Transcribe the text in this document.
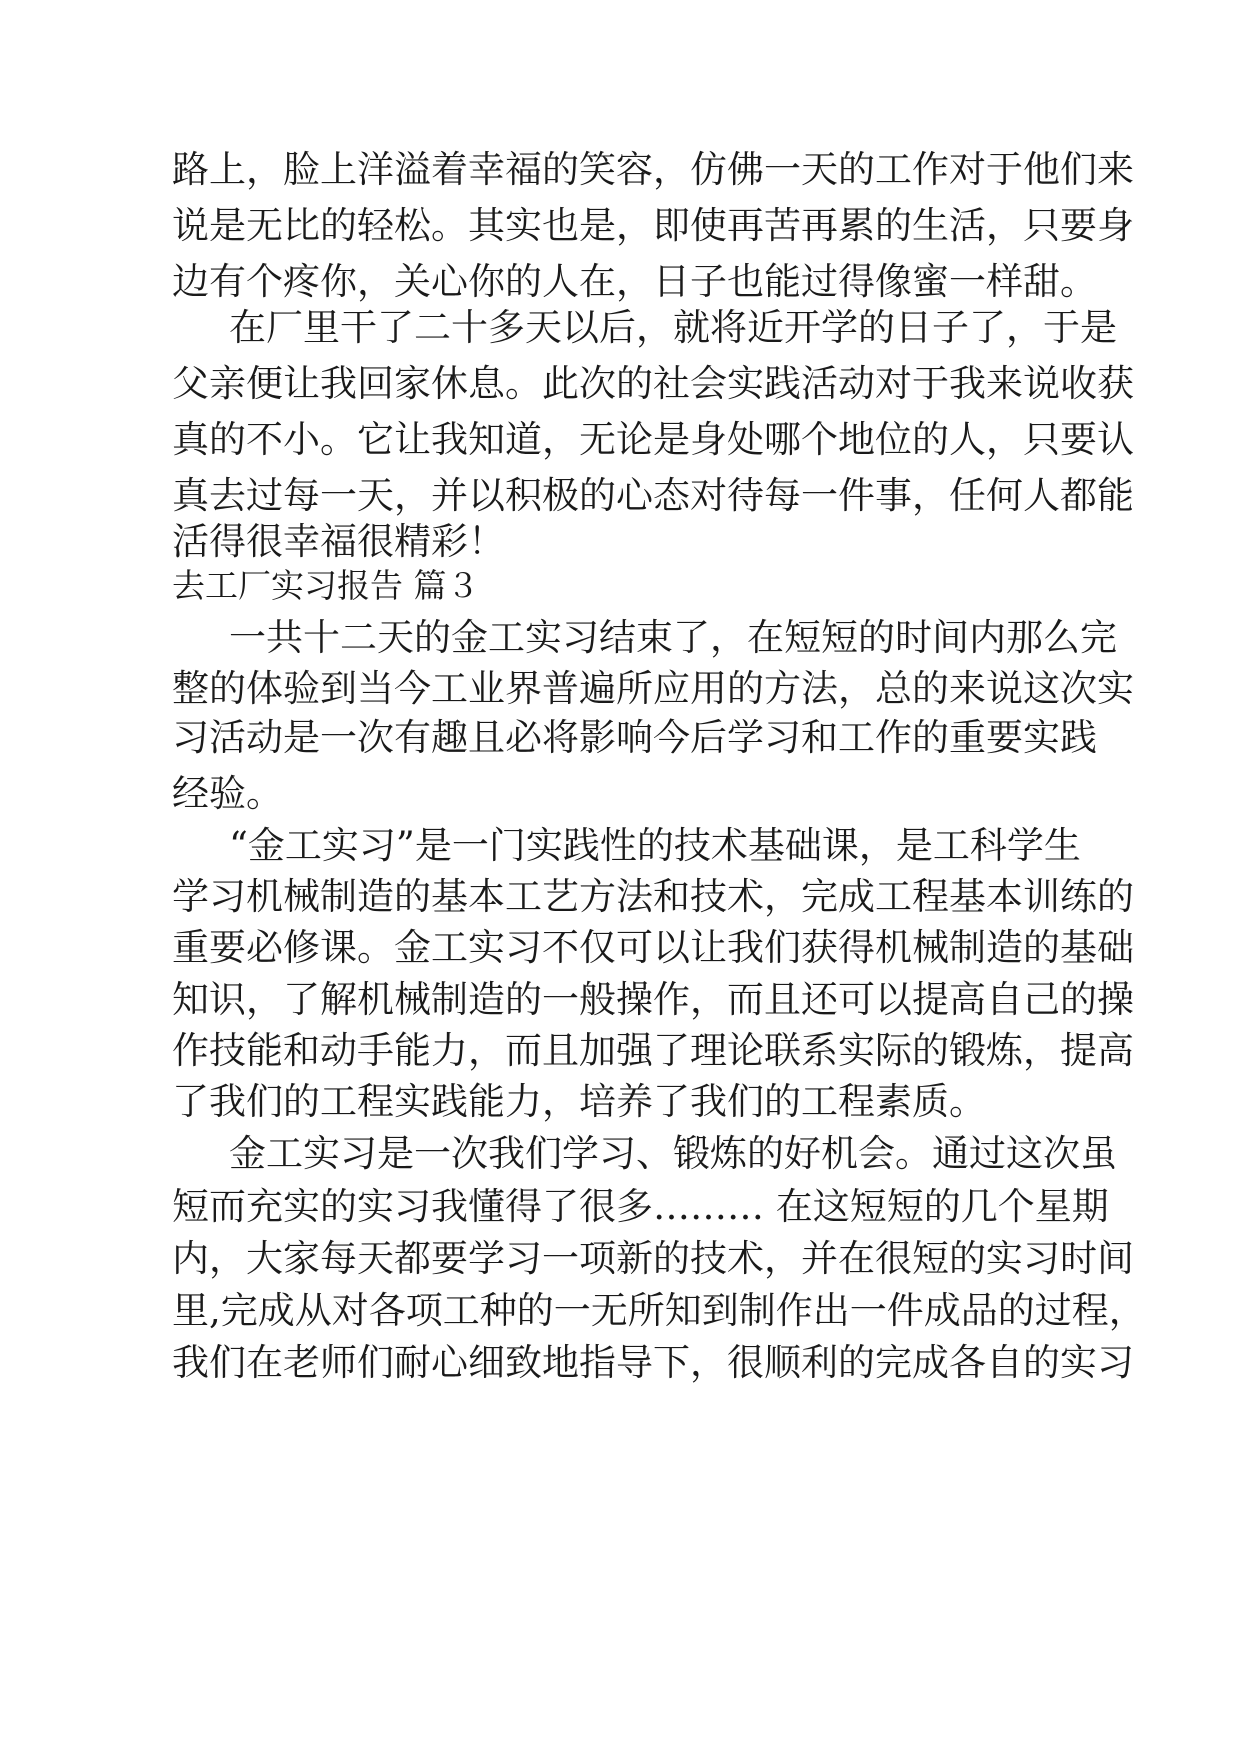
路上，脸上洋溢着幸福的笑容，仿佛一天的工作对于他们来
说是无比的轻松。其实也是，即使再苦再累的生活，只要身
边有个疼你，关心你的人在，日子也能过得像蜜一样甜。
在厂里干了二十多天以后，就将近开学的日子了，于是
父亲便让我回家休息。此次的社会实践活动对于我来说收获
真的不小。它让我知道，无论是身处哪个地位的人，只要认
真去过每一天，并以积极的心态对待每一件事，任何人都能
活得很幸福很精彩！
去工厂实习报告 篇３
一共十二天的金工实习结束了，在短短的时间内那么完
整的体验到当今工业界普遍所应用的方法，总的来说这次实
习活动是一次有趣且必将影响今后学习和工作的重要实践
经验。
“金工实习”是一门实践性的技术基础课，是工科学生
学习机械制造的基本工艺方法和技术，完成工程基本训练的
重要必修课。金工实习不仅可以让我们获得机械制造的基础
知识，了解机械制造的一般操作，而且还可以提高自己的操
作技能和动手能力，而且加强了理论联系实际的锻炼，提高
了我们的工程实践能力，培养了我们的工程素质。
金工实习是一次我们学习、锻炼的好机会。通过这次虽
短而充实的实习我懂得了很多……… 在这短短的几个星期
内，大家每天都要学习一项新的技术，并在很短的实习时间
里,完成从对各项工种的一无所知到制作出一件成品的过程，
我们在老师们耐心细致地指导下，很顺利的完成各自的实习
